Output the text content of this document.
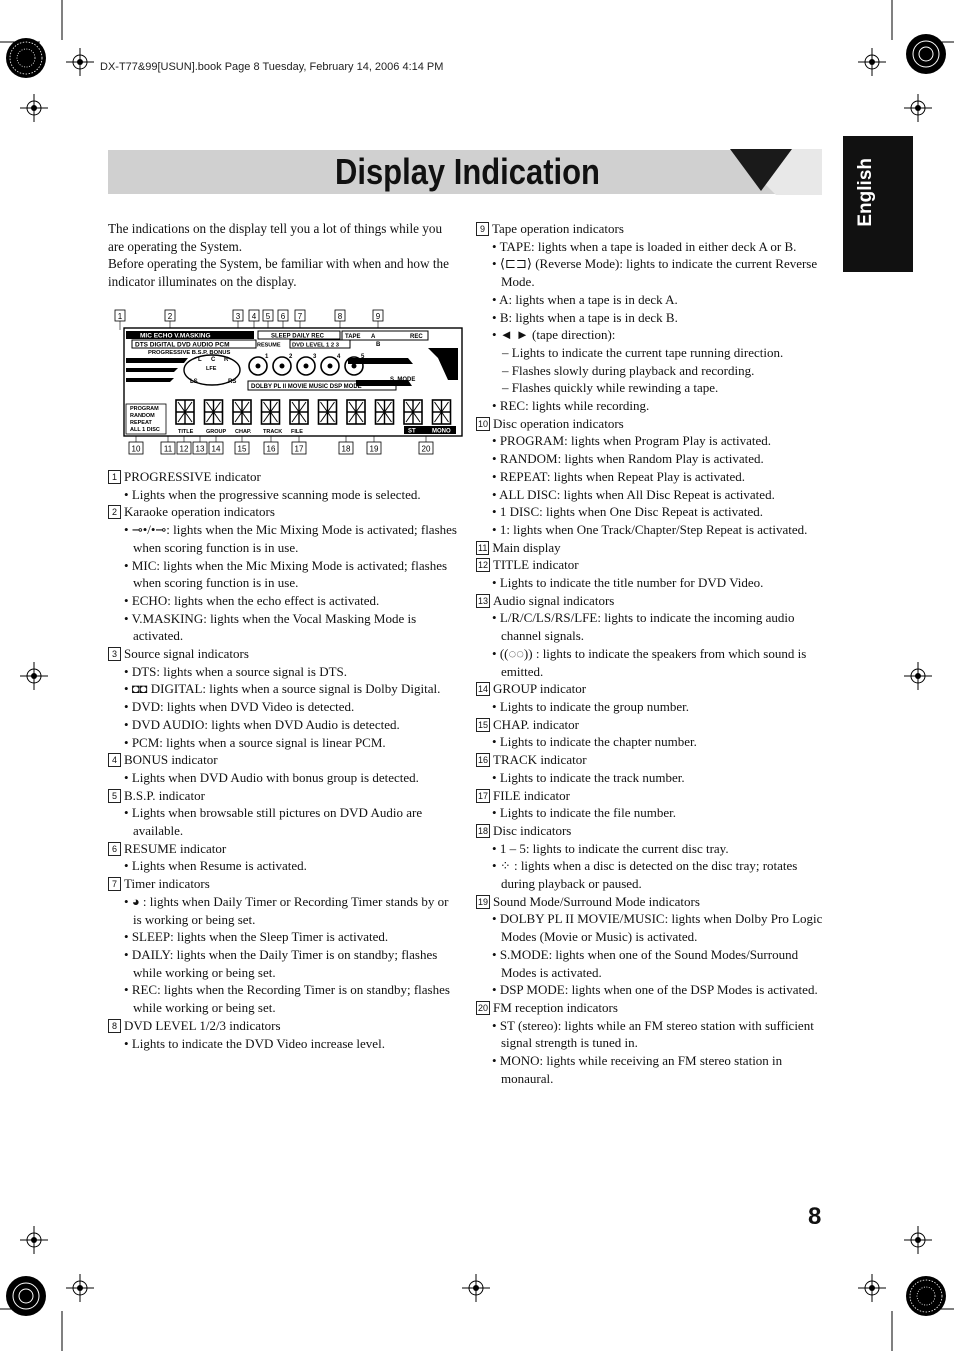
DX-T77&99[USUN].book Page 8 Tuesday, February 14, 2006 4:14 PM
Display Indication	English
The indications on the display tell you a lot of things while you are operating the System.
Before operating the System, be familiar with when and how the indicator illuminates on the display.
1	2	3 4 5 6 7	8	9
MIC ECHO V.MASKING
DTS DIGITAL DVD AUDIO PCM
PROGRESSIVE B.S.P. BONUS
RESUME
SLEEP DAILY REC
DVD LEVEL 1 2 3
TAPE A
B
REC
L C R
LFE
LS	RS
1	2	3	4	5
S. MODE
DOLBY PL II MOVIE MUSIC DSP MODE
ST	MONO
PROGRAM
RANDOM
REPEAT
ALL 1 DISC	TITLE GROUP CHAP. TRACK FILE
10	11 12 13 14 15	16 17	18 19	20
1 PROGRESSIVE indicator
• Lights when the progressive scanning mode is selected.
2 Karaoke operation indicators
• ⊸•/•⊸: lights when the Mic Mixing Mode is activated; flashes when scoring function is in use.
• MIC: lights when the Mic Mixing Mode is activated; flashes when scoring function is in use.
• ECHO: lights when the echo effect is activated.
• V.MASKING: lights when the Vocal Masking Mode is activated.
3 Source signal indicators
• DTS: lights when a source signal is DTS.
• ◘◘ DIGITAL: lights when a source signal is Dolby Digital.
• DVD: lights when DVD Video is detected.
• DVD AUDIO: lights when DVD Audio is detected.
• PCM: lights when a source signal is linear PCM.
4 BONUS indicator
• Lights when DVD Audio with bonus group is detected.
5 B.S.P. indicator
• Lights when browsable still pictures on DVD Audio are available.
6 RESUME indicator
• Lights when Resume is activated.
7 Timer indicators
• ◕ : lights when Daily Timer or Recording Timer stands by or is working or being set.
• SLEEP: lights when the Sleep Timer is activated.
• DAILY: lights when the Daily Timer is on standby; flashes while working or being set.
• REC: lights when the Recording Timer is on standby; flashes while working or being set.
8 DVD LEVEL 1/2/3 indicators
• Lights to indicate the DVD Video increase level.
9 Tape operation indicators
• TAPE: lights when a tape is loaded in either deck A or B.
• ⟨⊏⊐⟩ (Reverse Mode): lights to indicate the current Reverse Mode.
• A: lights when a tape is in deck A.
• B: lights when a tape is in deck B.
• ◄ ► (tape direction):
– Lights to indicate the current tape running direction.
– Flashes slowly during playback and recording.
– Flashes quickly while rewinding a tape.
• REC: lights while recording.
10 Disc operation indicators
• PROGRAM: lights when Program Play is activated.
• RANDOM: lights when Random Play is activated.
• REPEAT: lights when Repeat Play is activated.
• ALL DISC: lights when All Disc Repeat is activated.
• 1 DISC: lights when One Disc Repeat is activated.
• 1: lights when One Track/Chapter/Step Repeat is activated.
11 Main display
12 TITLE indicator
• Lights to indicate the title number for DVD Video.
13 Audio signal indicators
• L/R/C/LS/RS/LFE: lights to indicate the incoming audio channel signals.
• ((◌◌)) : lights to indicate the speakers from which sound is emitted.
14 GROUP indicator
• Lights to indicate the group number.
15 CHAP. indicator
• Lights to indicate the chapter number.
16 TRACK indicator
• Lights to indicate the track number.
17 FILE indicator
• Lights to indicate the file number.
18 Disc indicators
• 1 – 5: lights to indicate the current disc tray.
• ⁘ : lights when a disc is detected on the disc tray; rotates during playback or paused.
19 Sound Mode/Surround Mode indicators
• DOLBY PL II MOVIE/MUSIC: lights when Dolby Pro Logic Modes (Movie or Music) is activated.
• S.MODE: lights when one of the Sound Modes/Surround Modes is activated.
• DSP MODE: lights when one of the DSP Modes is activated.
20 FM reception indicators
• ST (stereo): lights while an FM stereo station with sufficient signal strength is tuned in.
• MONO: lights while receiving an FM stereo station in monaural.
8
